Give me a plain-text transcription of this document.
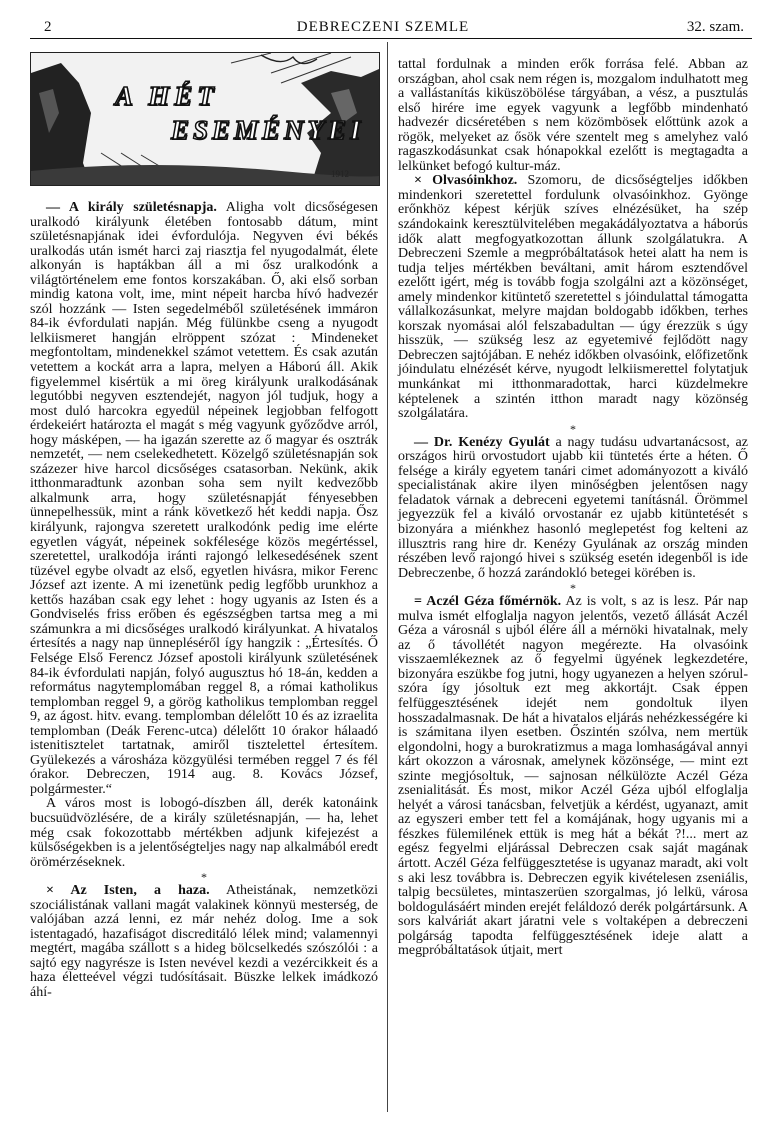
2	DEBRECZENI SZEMLE	32. szam.
A HÉT
ESEMÉNYEI
1912

— A király születésnapja. Aligha volt dicsőségesen uralkodó királyunk életében fontosabb dátum, mint születésnapjának idei évfordulója. Negyven évi békés uralkodás után ismét harci zaj riasztja fel nyugodalmát, élete alkonyán is haptákban áll a mi ősz uralkodónk a világtörténelem eme fontos korszakában. Ő, aki első sorban mindig katona volt, ime, mint népeit harcba hívó hadvezér szól hozzánk — Isten segedelméből születésének immáron 84-ik évfordulati napján. Még fülünkbe cseng a nyugodt lelkiismeret hangján elröppent szózat : Mindeneket megfontoltam, mindenekkel számot vetettem. És csak azután vetettem a kockát arra a lapra, melyen a Háború áll. Akik figyelemmel kisértük a mi öreg királyunk uralkodásának legutóbbi negyven esztendejét, nagyon jól tudjuk, hogy a most duló harcokra egyedül népeinek legjobban felfogott érdekeiért határozta el magát s még vagyunk győződve arról, hogy másképen, — ha igazán szerette az ő magyar és osztrák nemzetét, — nem cselekedhetett. Közelgő születésnapján sok százezer hive harcol dicsőséges csatasorban. Nekünk, akik itthonmaradtunk azonban soha sem nyilt kedvezőbb alkalmunk arra, hogy születésnapját fényesebben ünnepelhessük, mint a ránk következő hét keddi napja. Ősz királyunk, rajongva szeretett uralkodónk pedig ime elérte egyetlen vágyát, népeinek sokfélesége közös megértéssel, szeretettel, uralkodója iránti rajongó lelkesedésének szent tüzével egybe olvadt az első, egyetlen hivásra, mikor Ferenc József azt izente. A mi izenetünk pedig legfőbb urunkhoz a kettős hazában csak egy lehet : hogy ugyanis az Isten és a Gondviselés friss erőben és egészségben tartsa meg a mi számunkra a mi dicsőséges uralkodó királyunkat. A hivatalos értesítés a nagy nap ünnepléséről így hangzik : „Értesítés. Ő Felsége Első Ferencz József apostoli királyunk születésének 84-ik évfordulati napján, folyó augusztus hó 18-án, kedden a református nagytemplomában reggel 8, a római katholikus templomban reggel 9, a görög katholikus templomban reggel 9, az ágost. hitv. evang. templomban délelőtt 10 és az izraelita templomban (Deák Ferenc-utca) délelőtt 10 órakor hálaadó istenitisztelet tartatnak, amiről tisztelettel értesítem. Gyülekezés a városháza közgyülési termében reggel 7 és fél órakor. Debreczen, 1914 aug. 8. Kovács József, polgármester.“

A város most is lobogó-díszben áll, derék katonáink bucsuüdvözlésére, de a király születésnapján, — ha, lehet még csak fokozottabb mértékben adjunk kifejezést a külsőségekben is a jelentőségteljes nagy nap alkalmából eredt örömérzéseknek.

*

× Az Isten, a haza. Atheistának, nemzetközi szociálistának vallani magát valakinek könnyü mesterség, de valójában azzá lenni, ez már nehéz dolog. Ime a sok istentagadó, hazafiságot discreditáló lélek mind; valamennyi megtért, magába szállott s a hideg bölcselkedés szószólói : a sajtó egy nagyrésze is Isten nevével kezdi a vezércikkeit és a haza életteével végzi tudósításait. Büszke lelkek imádkozó áhí-

tattal fordulnak a minden erők forrása felé. Abban az országban, ahol csak nem régen is, mozgalom indulhatott meg a vallástanítás kiküszöbölése tárgyában, a vész, a pusztulás első hirére ime egyek vagyunk a legfőbb mindenható hadvezér dicséretében s nem közömbösek előttünk azok a rögök, melyeket az ősök vére szentelt meg s amelyhez való ragaszkodásunkat csak hónapokkal ezelőtt is megtagadta a lelkünket befogó kultur-máz.

× Olvasóinkhoz. Szomoru, de dicsőségteljes időkben mindenkori szeretettel fordulunk olvasóinkhoz. Gyönge erőnkhöz képest kérjük szíves elnézésüket, ha szép szándokaink keresztülvitelében megakádályoztatva a háborús idők alatt megfogyatkozottan állunk szolgálatukra. A Debreczeni Szemle a megpróbáltatások hetei alatt ha nem is tudja teljes mértékben beváltani, amit három esztendővel ezelőtt igért, még is tovább fogja szolgálni azt a közönséget, amely mindenkor kitüntető szeretettel s jóindulattal támogatta vállalkozásunkat, melyre majdan boldogabb időkben, terhes korszak nyomásai alól felszabadultan — úgy érezzük s úgy hisszük, — szükség lesz az egyetemivé fejlődött nagy Debreczen sajtójában. E nehéz időkben olvasóink, előfizetőnk jóindulatu elnézését kérve, nyugodt lelkiismerettel folytatjuk munkánkat mi itthonmaradottak, harci küzdelmekre képtelenek a szintén itthon maradt nagy közönség szolgálatára.

*

— Dr. Kenézy Gyulát a nagy tudásu udvartanácsost, az országos hirü orvostudort ujabb kii tüntetés érte a héten. Ő felsége a király egyetem tanári cimet adományozott a kiváló specialistának akire ilyen minőségben jelentősen nagy feladatok várnak a debreceni egyetemi tanításnál. Örömmel jegyezzük fel a kiváló orvostanár ez ujabb kitüntetését s bizonyára a miénkhez hasonló meglepetést fog kelteni az illusztris rang hire dr. Kenézy Gyulának az ország minden részében levő rajongó hivei s szükség esetén idegenből is ide Debreczenbe, ő hozzá zarándokló betegei körében is.

*

= Aczél Géza főmérnök. Az is volt, s az is lesz. Pár nap mulva ismét elfoglalja nagyon jelentős, vezető állását Aczél Géza a városnál s ujból élére áll a mérnöki hivatalnak, mely az ő távollétét nagyon megérezte. Ha olvasóink visszaemlékeznek az ő fegyelmi ügyének legkezdetére, bizonyára eszükbe fog jutni, hogy ugyanezen a helyen szórul-szóra így jósoltuk ezt meg akkortájt. Csak éppen felfüggesztésének idejét nem gondoltuk ilyen hosszadalmasnak. De hát a hivatalos eljárás nehézkességére ki is számitana ilyen esetben. Őszintén szólva, nem mertük elgondolni, hogy a burokratizmus a maga lomhaságával annyi kárt okozzon a városnak, amelynek közönsége, — mint ezt szinte megjósoltuk, — sajnosan nélkülözte Aczél Géza zsenialitását. És most, mikor Aczél Géza ujból elfoglalja helyét a városi tanácsban, felvetjük a kérdést, ugyanazt, amit az egyszeri ember tett fel a komájának, hogy ugyanis mi a fészkes fülemilének ettük is meg hát a békát ?!... mert az egész fegyelmi eljárással Debreczen csak saját magának ártott. Aczél Géza felfüggesztetése is ugyanaz maradt, aki volt s aki lesz továbbra is. Debreczen egyik kivételesen zseniális, talpig becsületes, mintaszerüen szorgalmas, jó lelkü, városa boldogulásáért minden erejét feláldozó derék polgártársunk. A sors kalváriát akart járatni vele s voltaképen a debreczeni polgárság tapodta felfüggesztésének ideje alatt a megpróbáltatások útjait, mert
